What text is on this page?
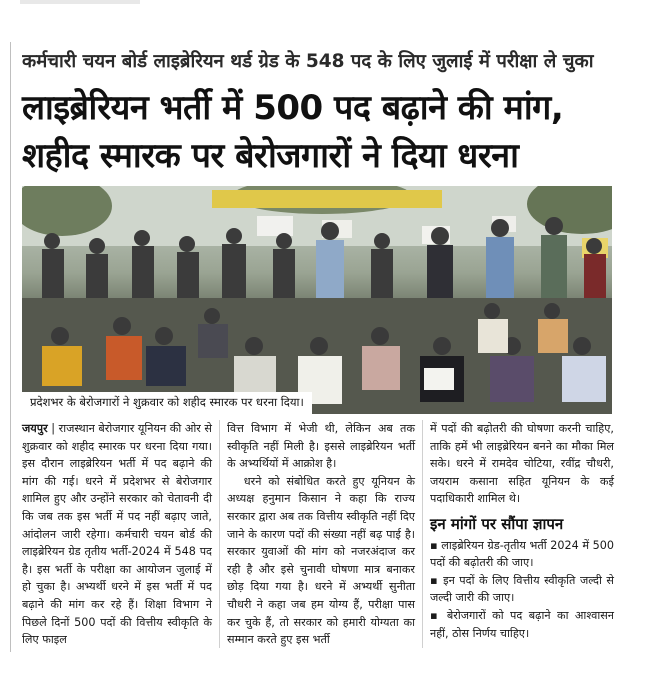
कर्मचारी चयन बोर्ड लाइब्रेरियन थर्ड ग्रेड के 548 पद के लिए जुलाई में परीक्षा ले चुका
लाइब्रेरियन भर्ती में 500 पद बढ़ाने की मांग,
शहीद स्मारक पर बेरोजगारों ने दिया धरना
प्रदेशभर के बेरोजगारों ने शुक्रवार को शहीद स्मारक पर धरना दिया।

जयपुर | राजस्थान बेरोजगार यूनियन की ओर से शुक्रवार को शहीद स्मारक पर धरना दिया गया। इस दौरान लाइब्रेरियन भर्ती में पद बढ़ाने की मांग की गई। धरने में प्रदेशभर से बेरोजगार शामिल हुए और उन्होंने सरकार को चेतावनी दी कि जब तक इस भर्ती में पद नहीं बढ़ाए जाते, आंदोलन जारी रहेगा। कर्मचारी चयन बोर्ड की लाइब्रेरियन ग्रेड तृतीय भर्ती-2024 में 548 पद है। इस भर्ती के परीक्षा का आयोजन जुलाई में हो चुका है। अभ्यर्थी धरने में इस भर्ती में पद बढ़ाने की मांग कर रहे हैं। शिक्षा विभाग ने पिछले दिनों 500 पदों की वित्तीय स्वीकृति के लिए फाइल

वित्त विभाग में भेजी थी, लेकिन अब तक स्वीकृति नहीं मिली है। इससे लाइब्रेरियन भर्ती के अभ्यर्थियों में आक्रोश है।

धरने को संबोधित करते हुए यूनियन के अध्यक्ष हनुमान किसान ने कहा कि राज्य सरकार द्वारा अब तक वित्तीय स्वीकृति नहीं दिए जाने के कारण पदों की संख्या नहीं बढ़ पाई है। सरकार युवाओं की मांग को नजरअंदाज कर रही है और इसे चुनावी घोषणा मात्र बनाकर छोड़ दिया गया है। धरने में अभ्यर्थी सुनीता चौधरी ने कहा जब हम योग्य हैं, परीक्षा पास कर चुके हैं, तो सरकार को हमारी योग्यता का सम्मान करते हुए इस भर्ती

में पदों की बढ़ोतरी की घोषणा करनी चाहिए, ताकि हमें भी लाइब्रेरियन बनने का मौका मिल सके। धरने में रामदेव चोटिया, रवींद्र चौधरी, जयराम कसाना सहित यूनियन के कई पदाधिकारी शामिल थे।

इन मांगों पर सौंपा ज्ञापन
▪ लाइब्रेरियन ग्रेड-तृतीय भर्ती 2024 में 500 पदों की बढ़ोतरी की जाए।
▪ इन पदों के लिए वित्तीय स्वीकृति जल्दी से जल्दी जारी की जाए।
▪ बेरोजगारों को पद बढ़ाने का आश्वासन नहीं, ठोस निर्णय चाहिए।
